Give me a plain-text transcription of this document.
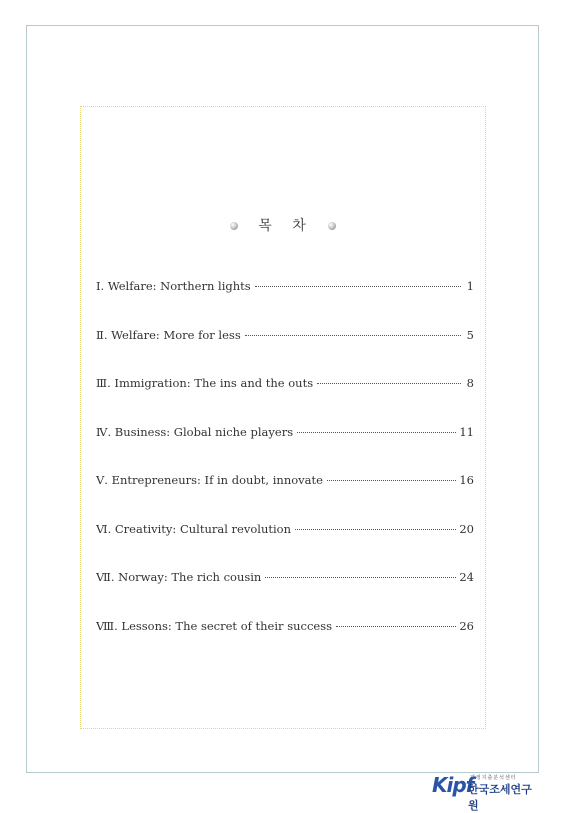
목 차
Ⅰ. Welfare: Northern lights	1
Ⅱ. Welfare: More for less	5
Ⅲ. Immigration: The ins and the outs	8
Ⅳ. Business: Global niche players	11
Ⅴ. Entrepreneurs: If in doubt, innovate	16
Ⅵ. Creativity: Cultural revolution	20
Ⅶ. Norway: The rich cousin	24
Ⅷ. Lessons: The secret of their success	26
Kipf
재정지출분석센터
한국조세연구원
